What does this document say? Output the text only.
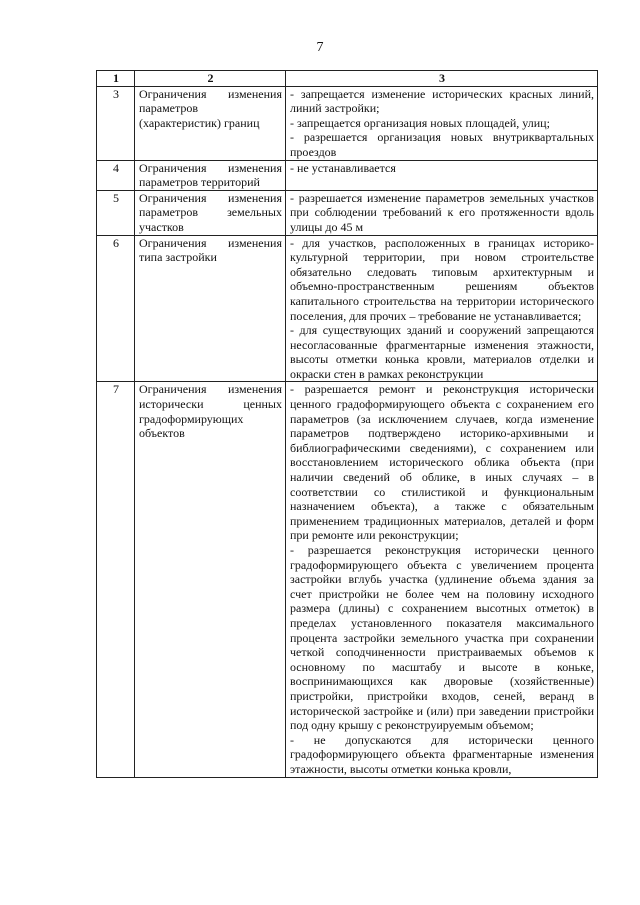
7
1	2	3
3	Ограничения изменения параметров (характеристик) границ	- запрещается изменение исторических красных линий, линий застройки;

- запрещается организация новых площадей, улиц;

- разрешается организация новых внутриквартальных проездов

4	Ограничения изменения параметров территорий	- не устанавливается

5	Ограничения изменения параметров земельных участков	- разрешается изменение параметров земельных участков при соблюдении требований к его протяженности вдоль улицы до 45 м

6	Ограничения изменения типа застройки	- для участков, расположенных в границах историко-культурной территории, при новом строительстве обязательно следовать типовым архитектурным и объемно-пространственным решениям объектов капитального строительства на территории исторического поселения, для прочих – требование не устанавливается;

- для существующих зданий и сооружений запрещаются несогласованные фрагментарные изменения этажности, высоты отметки конька кровли, материалов отделки и окраски стен в рамках реконструкции

7	Ограничения изменения исторически ценных градоформирующих объектов	- разрешается ремонт и реконструкция исторически ценного градоформирующего объекта с сохранением его параметров (за исключением случаев, когда изменение параметров подтверждено историко-архивными и библиографическими сведениями), с сохранением или восстановлением исторического облика объекта (при наличии сведений об облике, в иных случаях – в соответствии со стилистикой и функциональным назначением объекта), а также с обязательным применением традиционных материалов, деталей и форм при ремонте или реконструкции;

- разрешается реконструкция исторически ценного градоформирующего объекта с увеличением процента застройки вглубь участка (удлинение объема здания за счет пристройки не более чем на половину исходного размера (длины) с сохранением высотных отметок) в пределах установленного показателя максимального процента застройки земельного участка при сохранении четкой соподчиненности пристраиваемых объемов к основному по масштабу и высоте в коньке, воспринимающихся как дворовые (хозяйственные) пристройки, пристройки входов, сеней, веранд в исторической застройке и (или) при заведении пристройки под одну крышу с реконструируемым объемом;

- не допускаются для исторически ценного градоформирующего объекта фрагментарные изменения этажности, высоты отметки конька кровли,
